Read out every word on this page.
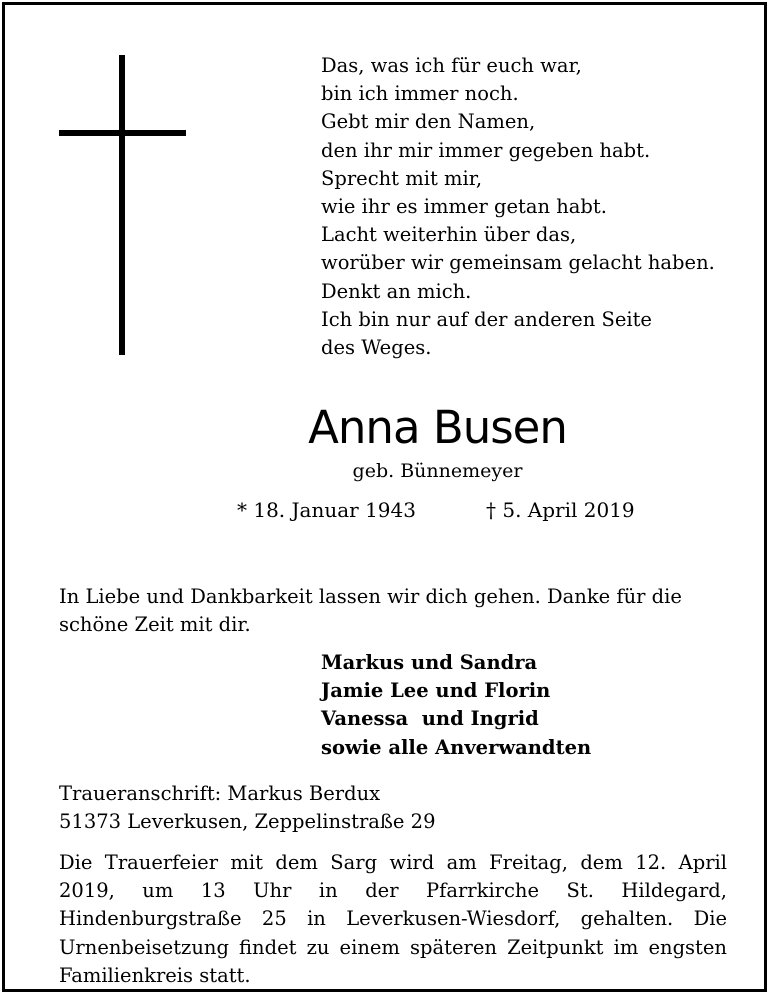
Das, was ich für euch war,
bin ich immer noch.
Gebt mir den Namen,
den ihr mir immer gegeben habt.
Sprecht mit mir,
wie ihr es immer getan habt.
Lacht weiterhin über das,
worüber wir gemeinsam gelacht haben.
Denkt an mich.
Ich bin nur auf der anderen Seite
des Weges.
Anna Busen
geb. Bünnemeyer
* 18. Januar 1943	† 5. April 2019
In Liebe und Dankbarkeit lassen wir dich gehen. Danke für die schöne Zeit mit dir.
Markus und Sandra
Jamie Lee und Florin
Vanessa  und Ingrid
sowie alle Anverwandten
Traueranschrift: Markus Berdux
51373 Leverkusen, Zeppelinstraße 29
Die Trauerfeier mit dem Sarg wird am Freitag, dem 12. April 2019, um 13 Uhr in der Pfarrkirche St. Hildegard, Hindenburgstraße 25 in Leverkusen-Wiesdorf, gehalten. Die Urnenbeisetzung findet zu einem späteren Zeitpunkt im engsten Familienkreis statt.
